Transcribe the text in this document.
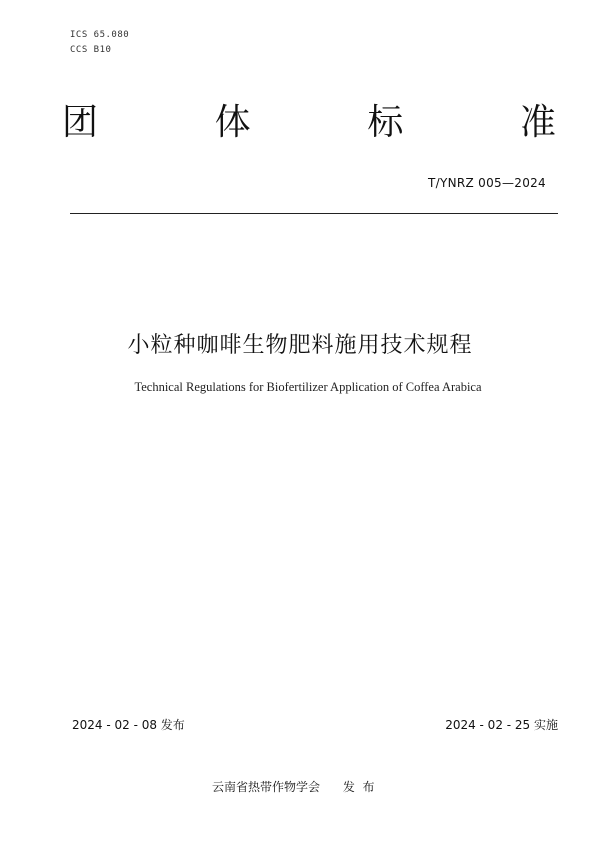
ICS 65.080
CCS B10
团	体	标	准
T/YNRZ 005—2024
小粒种咖啡生物肥料施用技术规程
Technical Regulations for Biofertilizer Application of Coffea Arabica
2024 - 02 - 08 发布	2024 - 02 - 25 实施
云南省热带作物学会      发  布
